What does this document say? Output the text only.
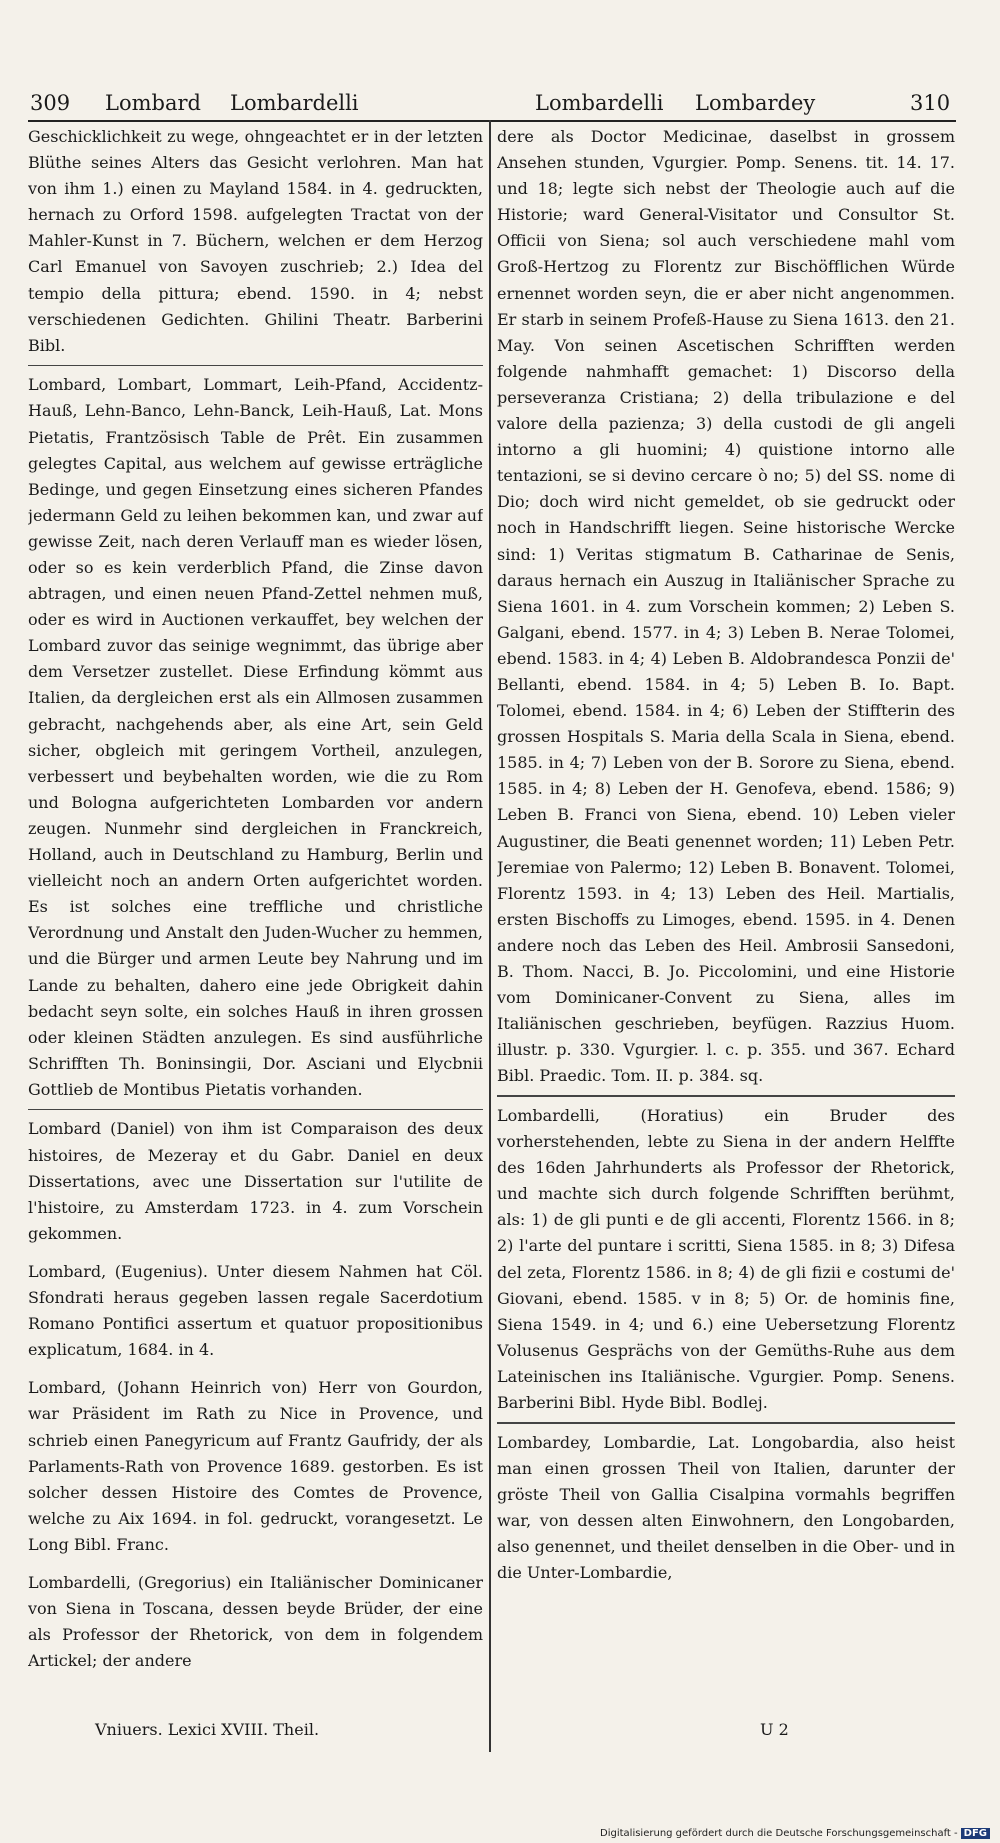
309 Lombard Lombardelli	Lombardelli Lombardey	310

Geschicklichkeit zu wege, ohngeachtet er in der letzten Blüthe seines Alters das Gesicht verlohren. Man hat von ihm 1.) einen zu Mayland 1584. in 4. gedruckten, hernach zu Orford 1598. aufgelegten Tractat von der Mahler-Kunst in 7. Büchern, welchen er dem Herzog Carl Emanuel von Savoyen zuschrieb; 2.) Idea del tempio della pittura; ebend. 1590. in 4; nebst verschiedenen Gedichten. Ghilini Theatr. Barberini Bibl.

Lombard, Lombart, Lommart, Leih-Pfand, Accidentz-Hauß, Lehn-Banco, Lehn-Banck, Leih-Hauß, Lat. Mons Pietatis, Frantzösisch Table de Prêt. Ein zusammen gelegtes Capital, aus welchem auf gewisse erträgliche Bedinge, und gegen Einsetzung eines sicheren Pfandes jedermann Geld zu leihen bekommen kan, und zwar auf gewisse Zeit, nach deren Verlauff man es wieder lösen, oder so es kein verderblich Pfand, die Zinse davon abtragen, und einen neuen Pfand-Zettel nehmen muß, oder es wird in Auctionen verkauffet, bey welchen der Lombard zuvor das seinige wegnimmt, das übrige aber dem Versetzer zustellet. Diese Erfindung kömmt aus Italien, da dergleichen erst als ein Allmosen zusammen gebracht, nachgehends aber, als eine Art, sein Geld sicher, obgleich mit geringem Vortheil, anzulegen, verbessert und beybehalten worden, wie die zu Rom und Bologna aufgerichteten Lombarden vor andern zeugen. Nunmehr sind dergleichen in Franckreich, Holland, auch in Deutschland zu Hamburg, Berlin und vielleicht noch an andern Orten aufgerichtet worden. Es ist solches eine treffliche und christliche Verordnung und Anstalt den Juden-Wucher zu hemmen, und die Bürger und armen Leute bey Nahrung und im Lande zu behalten, dahero eine jede Obrigkeit dahin bedacht seyn solte, ein solches Hauß in ihren grossen oder kleinen Städten anzulegen. Es sind ausführliche Schrifften Th. Boninsingii, Dor. Asciani und Elycbnii Gottlieb de Montibus Pietatis vorhanden.

Lombard (Daniel) von ihm ist Comparaison des deux histoires, de Mezeray et du Gabr. Daniel en deux Dissertations, avec une Dissertation sur l'utilite de l'histoire, zu Amsterdam 1723. in 4. zum Vorschein gekommen.

Lombard, (Eugenius). Unter diesem Nahmen hat Cöl. Sfondrati heraus gegeben lassen regale Sacerdotium Romano Pontifici assertum et quatuor propositionibus explicatum, 1684. in 4.

Lombard, (Johann Heinrich von) Herr von Gourdon, war Präsident im Rath zu Nice in Provence, und schrieb einen Panegyricum auf Frantz Gaufridy, der als Parlaments-Rath von Provence 1689. gestorben. Es ist solcher dessen Histoire des Comtes de Provence, welche zu Aix 1694. in fol. gedruckt, vorangesetzt. Le Long Bibl. Franc.

Lombardelli, (Gregorius) ein Italiänischer Dominicaner von Siena in Toscana, dessen beyde Brüder, der eine als Professor der Rhetorick, von dem in folgendem Artickel; der andere

dere als Doctor Medicinae, daselbst in grossem Ansehen stunden, Vgurgier. Pomp. Senens. tit. 14. 17. und 18; legte sich nebst der Theologie auch auf die Historie; ward General-Visitator und Consultor St. Officii von Siena; sol auch verschiedene mahl vom Groß-Hertzog zu Florentz zur Bischöfflichen Würde ernennet worden seyn, die er aber nicht angenommen. Er starb in seinem Profeß-Hause zu Siena 1613. den 21. May. Von seinen Ascetischen Schrifften werden folgende nahmhafft gemachet: 1) Discorso della perseveranza Cristiana; 2) della tribulazione e del valore della pazienza; 3) della custodi de gli angeli intorno a gli huomini; 4) quistione intorno alle tentazioni, se si devino cercare ò no; 5) del SS. nome di Dio; doch wird nicht gemeldet, ob sie gedruckt oder noch in Handschrifft liegen. Seine historische Wercke sind: 1) Veritas stigmatum B. Catharinae de Senis, daraus hernach ein Auszug in Italiänischer Sprache zu Siena 1601. in 4. zum Vorschein kommen; 2) Leben S. Galgani, ebend. 1577. in 4; 3) Leben B. Nerae Tolomei, ebend. 1583. in 4; 4) Leben B. Aldobrandesca Ponzii de' Bellanti, ebend. 1584. in 4; 5) Leben B. Io. Bapt. Tolomei, ebend. 1584. in 4; 6) Leben der Stiffterin des grossen Hospitals S. Maria della Scala in Siena, ebend. 1585. in 4; 7) Leben von der B. Sorore zu Siena, ebend. 1585. in 4; 8) Leben der H. Genofeva, ebend. 1586; 9) Leben B. Franci von Siena, ebend. 10) Leben vieler Augustiner, die Beati genennet worden; 11) Leben Petr. Jeremiae von Palermo; 12) Leben B. Bonavent. Tolomei, Florentz 1593. in 4; 13) Leben des Heil. Martialis, ersten Bischoffs zu Limoges, ebend. 1595. in 4. Denen andere noch das Leben des Heil. Ambrosii Sansedoni, B. Thom. Nacci, B. Jo. Piccolomini, und eine Historie vom Dominicaner-Convent zu Siena, alles im Italiänischen geschrieben, beyfügen. Razzius Huom. illustr. p. 330. Vgurgier. l. c. p. 355. und 367. Echard Bibl. Praedic. Tom. II. p. 384. sq.

Lombardelli, (Horatius) ein Bruder des vorherstehenden, lebte zu Siena in der andern Helffte des 16den Jahrhunderts als Professor der Rhetorick, und machte sich durch folgende Schrifften berühmt, als: 1) de gli punti e de gli accenti, Florentz 1566. in 8; 2) l'arte del puntare i scritti, Siena 1585. in 8; 3) Difesa del zeta, Florentz 1586. in 8; 4) de gli fizii e costumi de' Giovani, ebend. 1585. v in 8; 5) Or. de hominis fine, Siena 1549. in 4; und 6.) eine Uebersetzung Florentz Volusenus Gesprächs von der Gemüths-Ruhe aus dem Lateinischen ins Italiänische. Vgurgier. Pomp. Senens. Barberini Bibl. Hyde Bibl. Bodlej.

Lombardey, Lombardie, Lat. Longobardia, also heist man einen grossen Theil von Italien, darunter der gröste Theil von Gallia Cisalpina vormahls begriffen war, von dessen alten Einwohnern, den Longobarden, also genennet, und theilet denselben in die Ober- und in die Unter-Lombardie,

Vniuers. Lexici XVIII. Theil.	U 2
Digitalisierung gefördert durch die Deutsche Forschungsgemeinschaft - DFG
